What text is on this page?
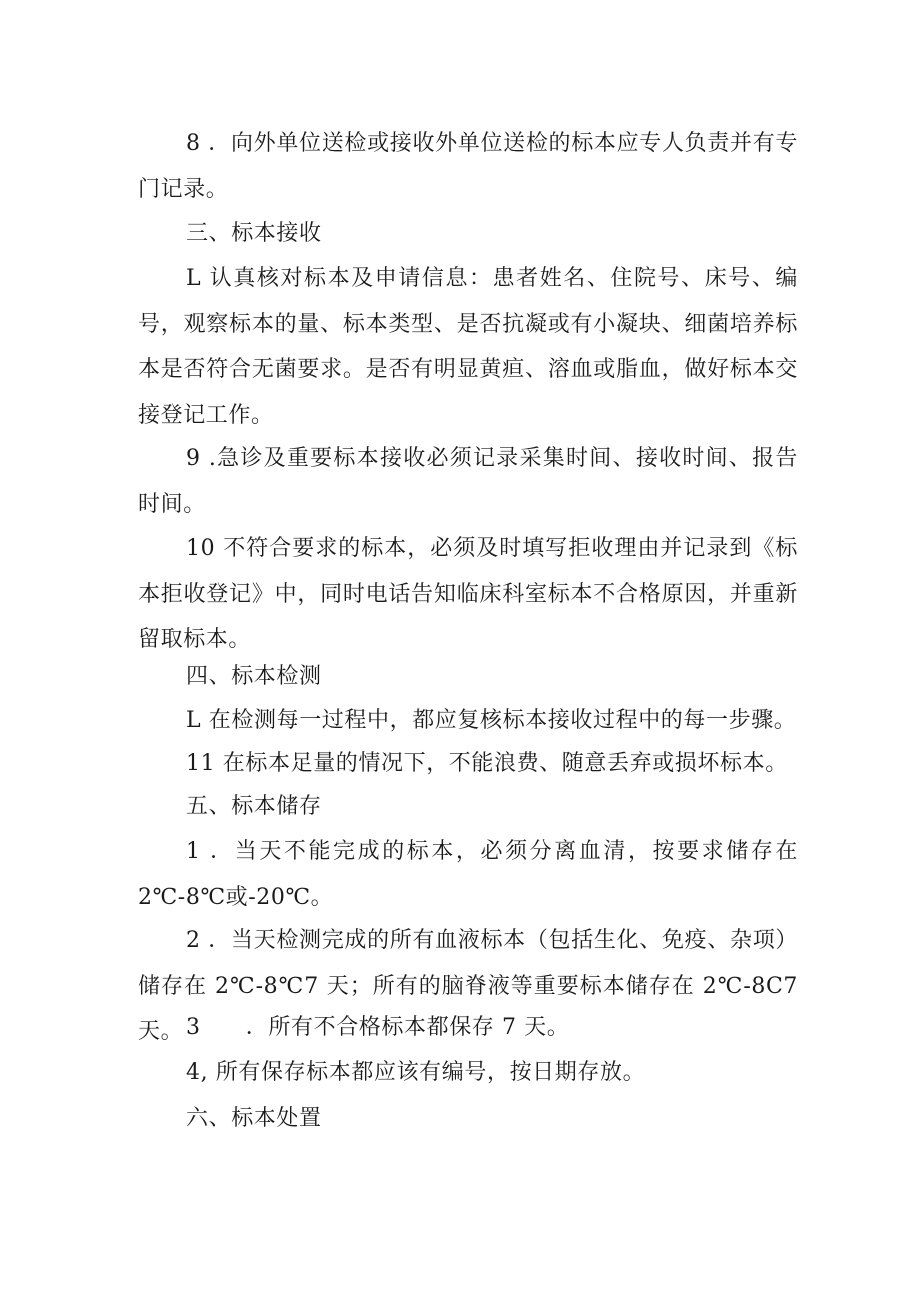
8 ．向外单位送检或接收外单位送检的标本应专人负责并有专门记录。

三、标本接收

L 认真核对标本及申请信息：患者姓名、住院号、床号、编号，观察标本的量、标本类型、是否抗凝或有小凝块、细菌培养标本是否符合无菌要求。是否有明显黄疸、溶血或脂血，做好标本交接登记工作。

9 .急诊及重要标本接收必须记录采集时间、接收时间、报告时间。

10 不符合要求的标本，必须及时填写拒收理由并记录到《标本拒收登记》中，同时电话告知临床科室标本不合格原因，并重新留取标本。

四、标本检测

L 在检测每一过程中，都应复核标本接收过程中的每一步骤。

11 在标本足量的情况下，不能浪费、随意丢弃或损坏标本。

五、标本储存

1 ．当天不能完成的标本，必须分离血清，按要求储存在2℃-8℃或-20℃。

2 ．当天检测完成的所有血液标本（包括生化、免疫、杂项）储存在 2℃-8℃7 天；所有的脑脊液等重要标本储存在 2℃-8C7 天。 3　　．所有不合格标本都保存 7 天。

4, 所有保存标本都应该有编号，按日期存放。

六、标本处置
